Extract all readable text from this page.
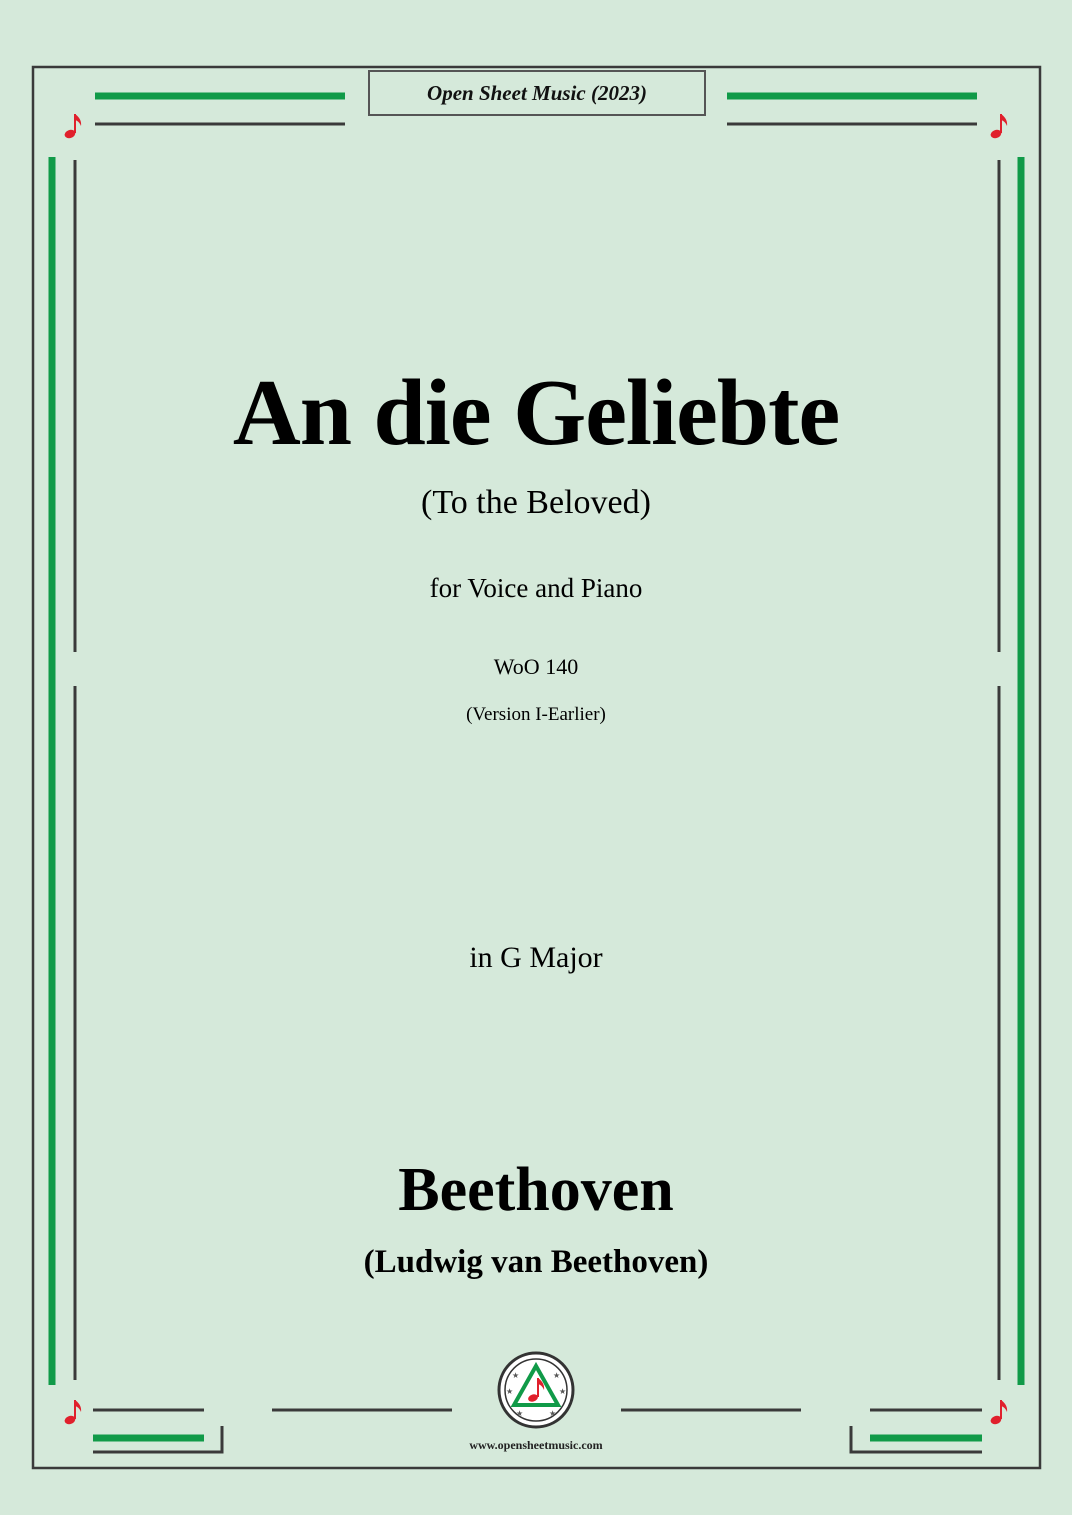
★	★
★	★
★	★
Open Sheet Music (2023)
An die Geliebte
(To the Beloved)
for Voice and Piano
WoO 140
(Version I-Earlier)
in G Major
Beethoven
(Ludwig van Beethoven)
www.opensheetmusic.com
